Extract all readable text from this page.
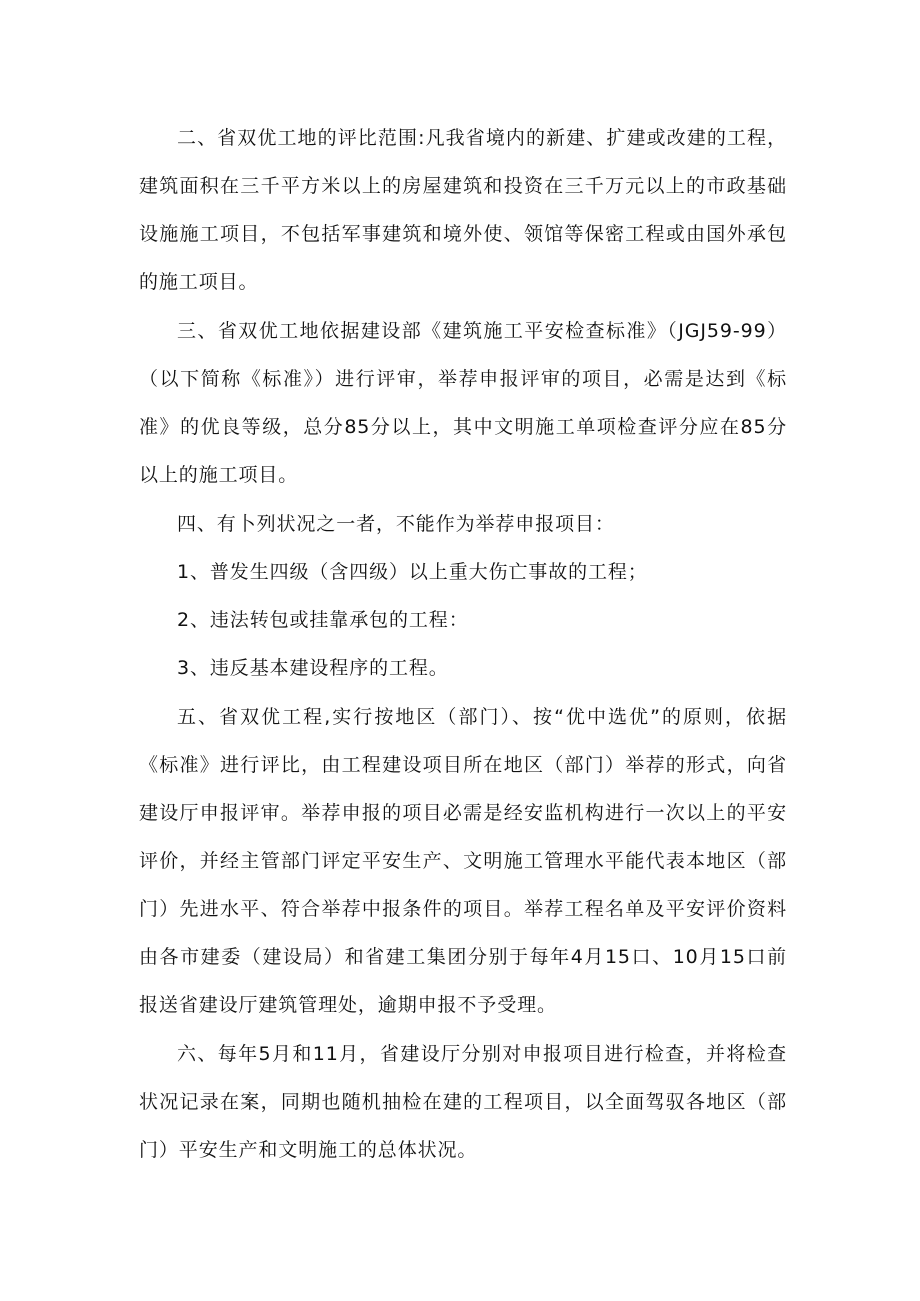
二、省双优工地的评比范围:凡我省境内的新建、扩建或改建的工程，建筑面积在三千平方米以上的房屋建筑和投资在三千万元以上的市政基础设施施工项目，不包括军事建筑和境外使、领馆等保密工程或由国外承包的施工项目。

三、省双优工地依据建设部《建筑施工平安检查标准》（JGJ59-99）（以下简称《标准》）进行评审，举荐申报评审的项目，必需是达到《标准》的优良等级，总分85分以上，其中文明施工单项检查评分应在85分以上的施工项目。

四、有卜列状况之一者，不能作为举荐申报项目：

1、普发生四级（含四级）以上重大伤亡事故的工程；

2、违法转包或挂靠承包的工程：

3、违反基本建设程序的工程。

五、省双优工程,实行按地区（部门）、按“优中选优”的原则，依据《标准》进行评比，由工程建设项目所在地区（部门）举荐的形式，向省建设厅申报评审。举荐申报的项目必需是经安监机构进行一次以上的平安评价，并经主管部门评定平安生产、文明施工管理水平能代表本地区（部门）先进水平、符合举荐中报条件的项目。举荐工程名单及平安评价资料由各市建委（建设局）和省建工集团分别于每年4月15口、10月15口前报送省建设厅建筑管理处，逾期申报不予受理。

六、每年5月和11月，省建设厅分别对申报项目进行检查，并将检查状况记录在案，同期也随机抽检在建的工程项目，以全面驾驭各地区（部门）平安生产和文明施工的总体状况。
